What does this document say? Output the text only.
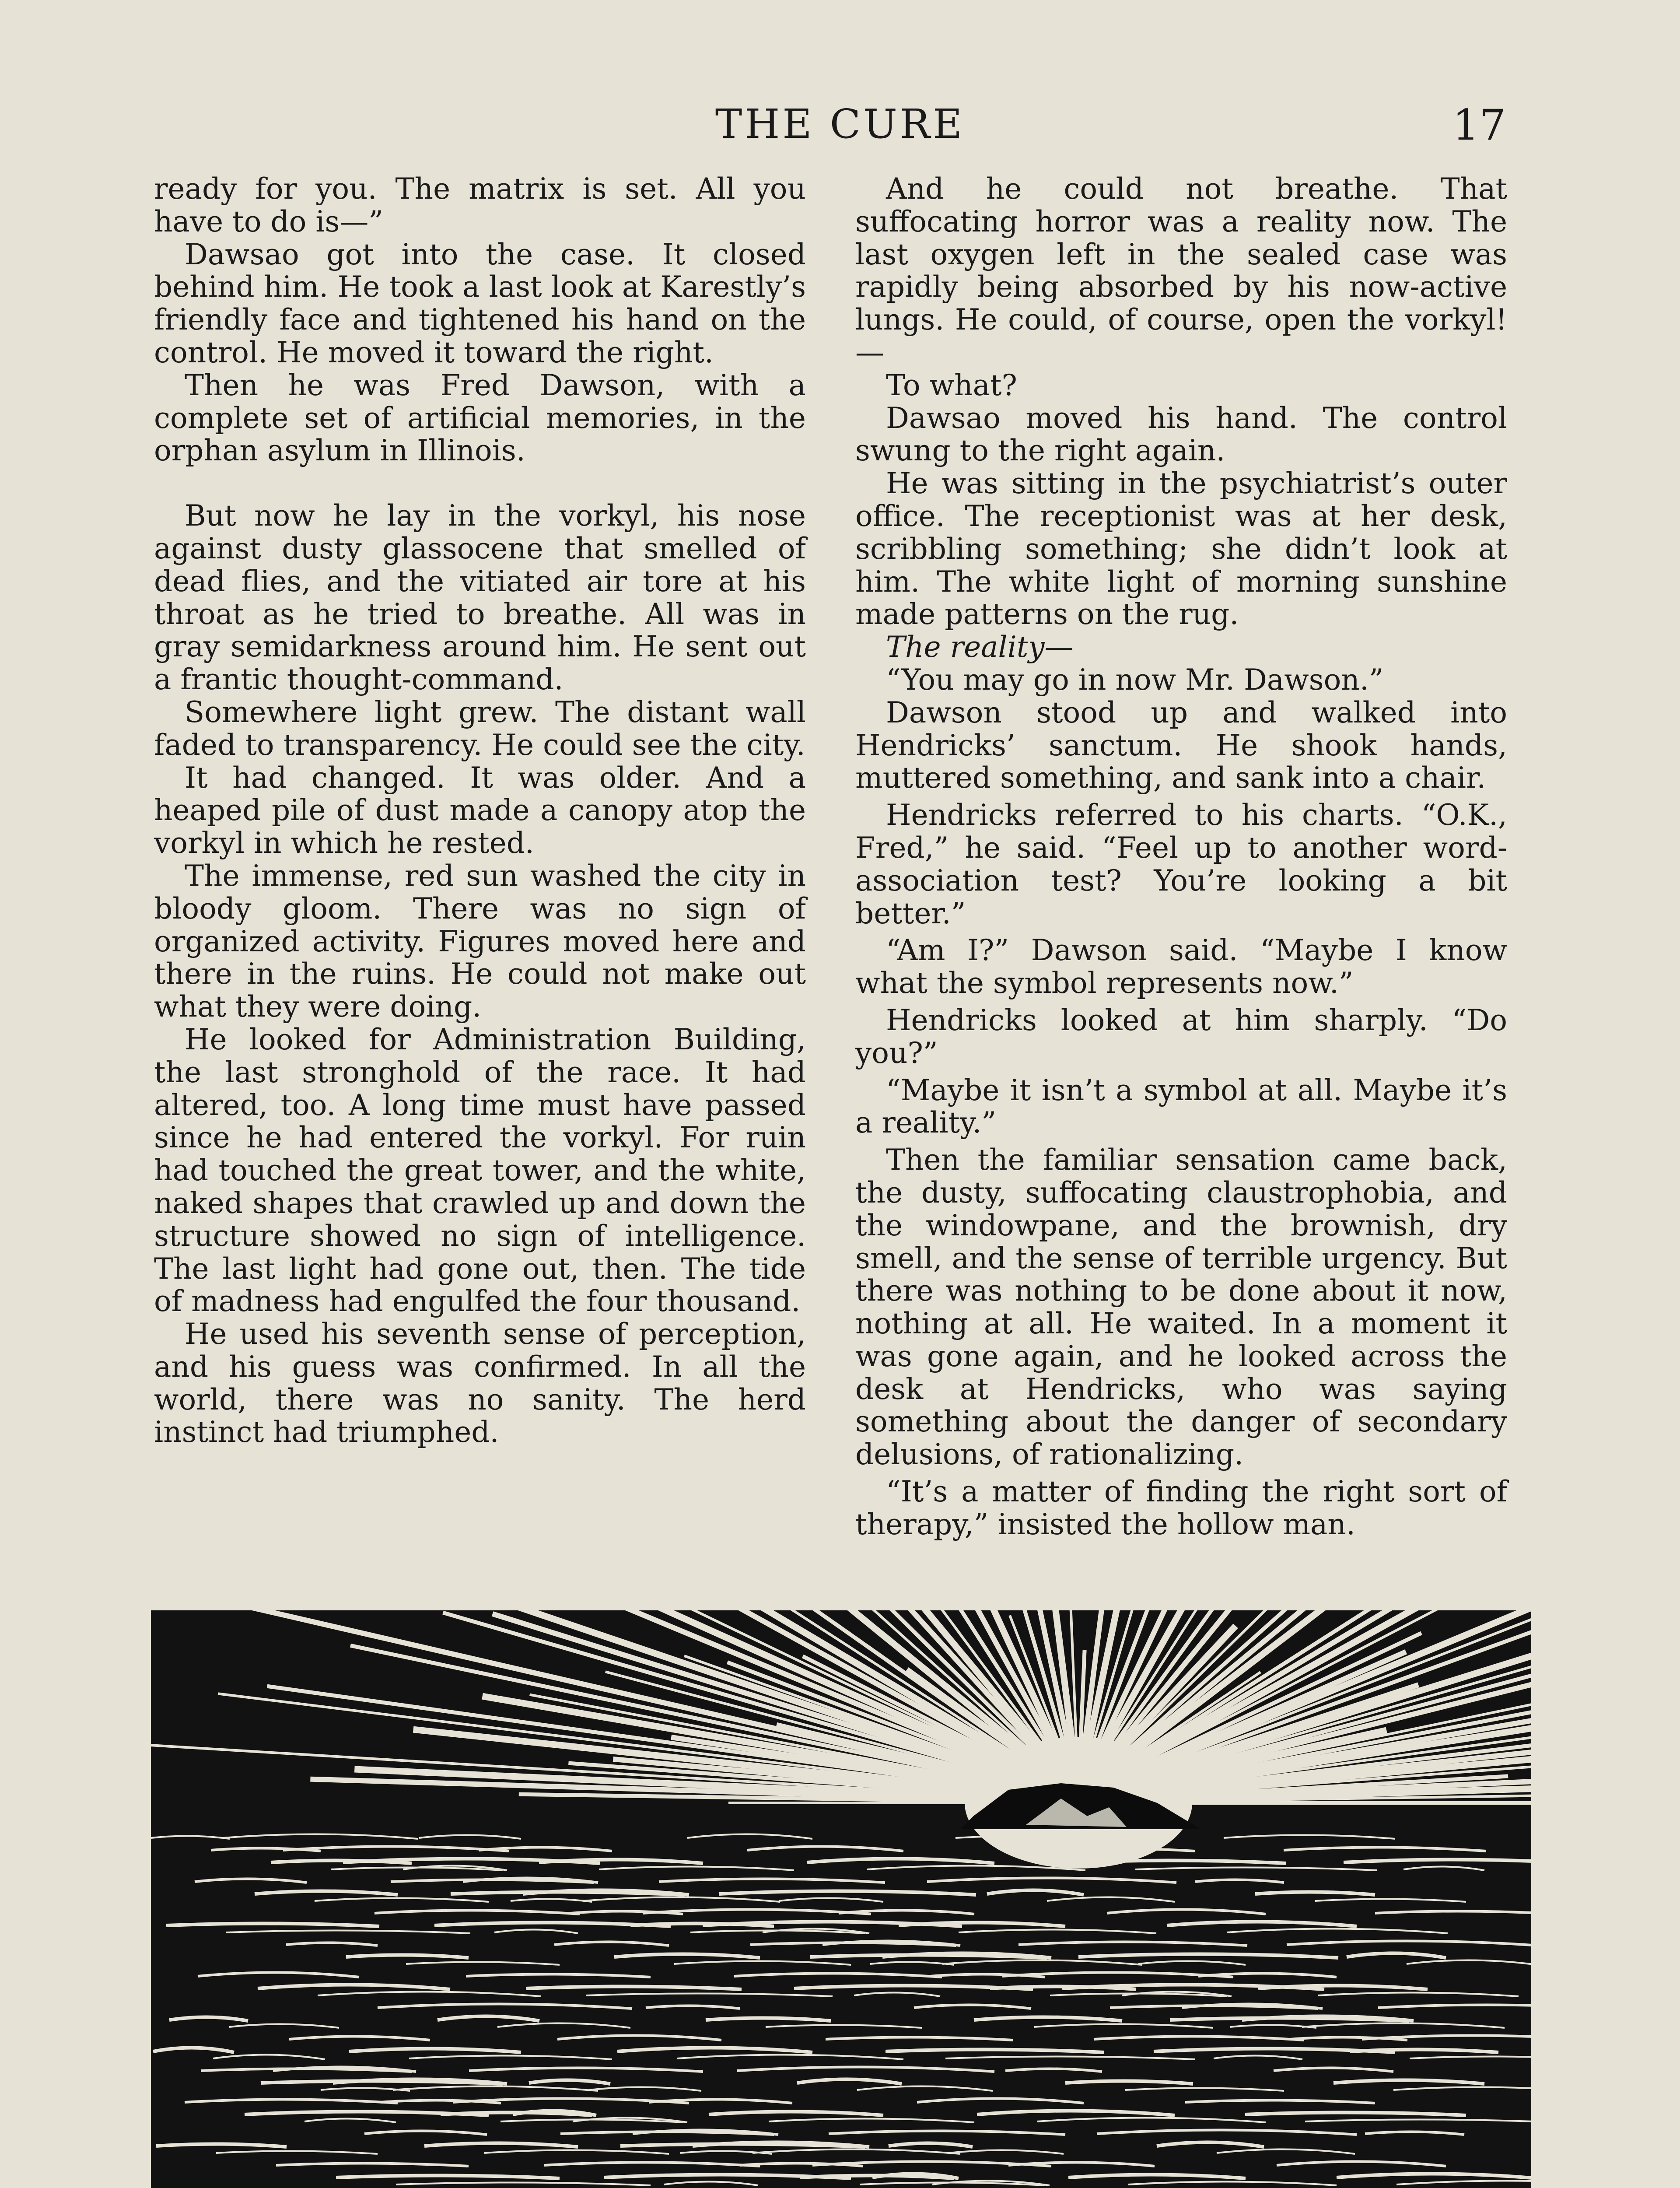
THE CURE	17

ready for you. The matrix is set. All you have to do is—”

Dawsao got into the case. It closed behind him. He took a last look at Karestly’s friendly face and tightened his hand on the control. He moved it toward the right.

Then he was Fred Dawson, with a complete set of artificial memories, in the orphan asylum in Illinois.

But now he lay in the vorkyl, his nose against dusty glassocene that smelled of dead flies, and the vitiated air tore at his throat as he tried to breathe. All was in gray semidarkness around him. He sent out a frantic thought-command.

Somewhere light grew. The distant wall faded to transparency. He could see the city.

It had changed. It was older. And a heaped pile of dust made a canopy atop the vorkyl in which he rested.

The immense, red sun washed the city in bloody gloom. There was no sign of organized activity. Figures moved here and there in the ruins. He could not make out what they were doing.

He looked for Administration Building, the last stronghold of the race. It had altered, too. A long time must have passed since he had entered the vorkyl. For ruin had touched the great tower, and the white, naked shapes that crawled up and down the structure showed no sign of intelligence. The last light had gone out, then. The tide of madness had engulfed the four thousand.

He used his seventh sense of perception, and his guess was confirmed. In all the world, there was no sanity. The herd instinct had triumphed.

And he could not breathe. That suffocating horror was a reality now. The last oxygen left in the sealed case was rapidly being absorbed by his now-active lungs. He could, of course, open the vorkyl!—

To what?

Dawsao moved his hand. The control swung to the right again.

He was sitting in the psychiatrist’s outer office. The receptionist was at her desk, scribbling something; she didn’t look at him. The white light of morning sunshine made patterns on the rug.

The reality—

“You may go in now Mr. Dawson.”

Dawson stood up and walked into Hendricks’ sanctum. He shook hands, muttered something, and sank into a chair.

Hendricks referred to his charts. “O.K., Fred,” he said. “Feel up to another word-association test? You’re looking a bit better.”

“Am I?” Dawson said. “Maybe I know what the symbol represents now.”

Hendricks looked at him sharply. “Do you?”

“Maybe it isn’t a symbol at all. Maybe it’s a reality.”

Then the familiar sensation came back, the dusty, suffocating claustrophobia, and the windowpane, and the brownish, dry smell, and the sense of terrible urgency. But there was nothing to be done about it now, nothing at all. He waited. In a moment it was gone again, and he looked across the desk at Hendricks, who was saying something about the danger of secondary delusions, of rationalizing.

“It’s a matter of finding the right sort of therapy,” insisted the hollow man.
